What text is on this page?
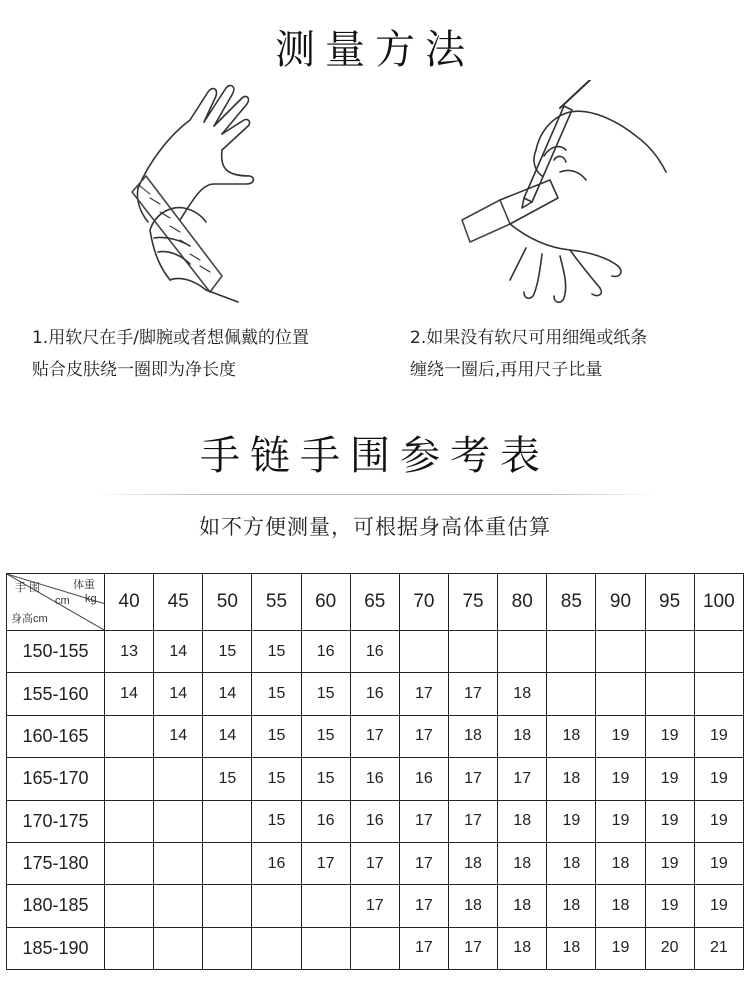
测量方法
1.用软尺在手/脚腕或者想佩戴的位置
贴合皮肤绕一圈即为净长度
2.如果没有软尺可用细绳或纸条
缠绕一圈后,再用尺子比量
手链手围参考表
如不方便测量，可根据身高体重估算
手 围
cm
体重
kg
身高cm	40	45	50	55	60	65	70	75	80	85	90	95	100
150-155	13	14	15	15	16	16							
155-160	14	14	14	15	15	16	17	17	18				
160-165		14	14	15	15	17	17	18	18	18	19	19	19
165-170			15	15	15	16	16	17	17	18	19	19	19
170-175				15	16	16	17	17	18	19	19	19	19
175-180				16	17	17	17	18	18	18	18	19	19
180-185						17	17	18	18	18	18	19	19
185-190							17	17	18	18	19	20	21
